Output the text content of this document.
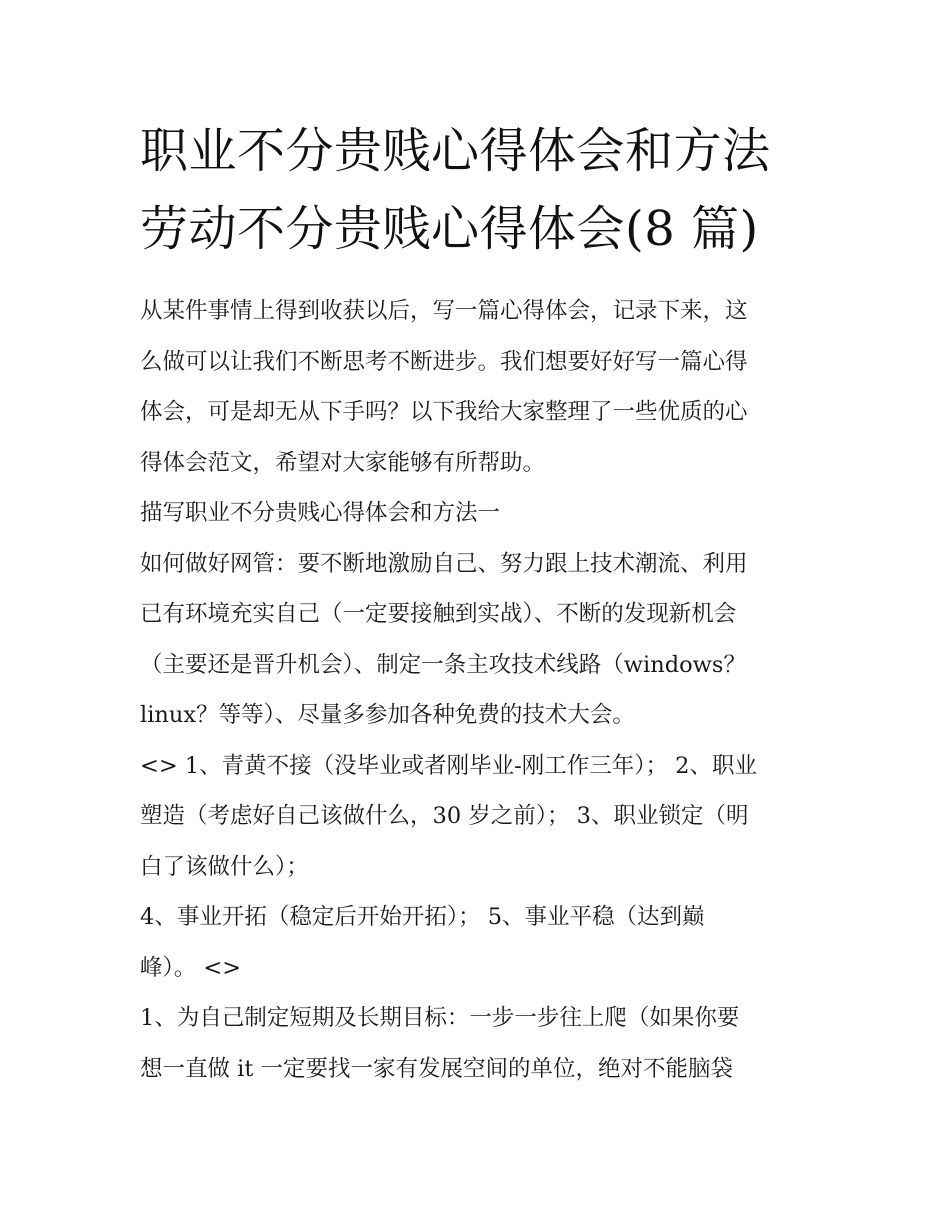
职业不分贵贱心得体会和方法
劳动不分贵贱心得体会(8 篇)
从某件事情上得到收获以后，写一篇心得体会，记录下来，这
么做可以让我们不断思考不断进步。我们想要好好写一篇心得
体会，可是却无从下手吗？以下我给大家整理了一些优质的心
得体会范文，希望对大家能够有所帮助。
描写职业不分贵贱心得体会和方法一
如何做好网管：要不断地激励自己、努力跟上技术潮流、利用
已有环境充实自己（一定要接触到实战）、不断的发现新机会
（主要还是晋升机会）、制定一条主攻技术线路（windows？
linux？等等）、尽量多参加各种免费的技术大会。
<> 1、青黄不接（没毕业或者刚毕业-刚工作三年）； 2、职业
塑造（考虑好自己该做什么，30 岁之前）； 3、职业锁定（明
白了该做什么）；
4、事业开拓（稳定后开始开拓）； 5、事业平稳（达到巅
峰）。 <>
1、为自己制定短期及长期目标：一步一步往上爬（如果你要
想一直做 it 一定要找一家有发展空间的单位，绝对不能脑袋
